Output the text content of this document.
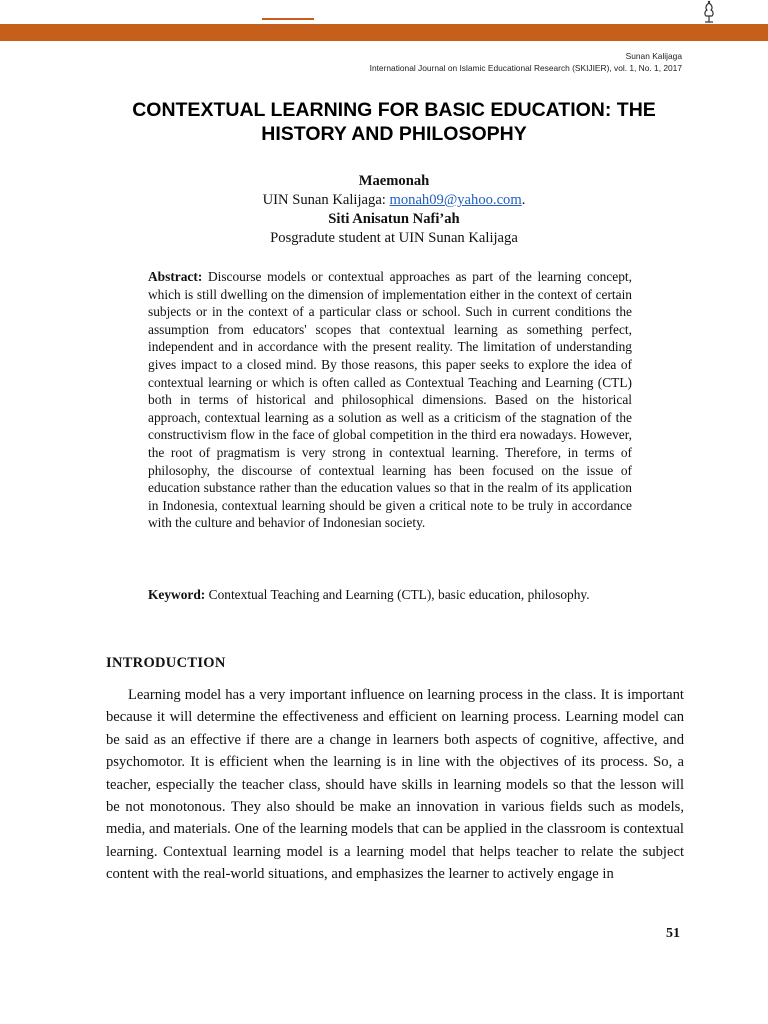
Sunan Kalijaga
International Journal on Islamic Educational Research (SKIJIER), vol. 1, No. 1, 2017
CONTEXTUAL LEARNING FOR BASIC EDUCATION: THE HISTORY AND PHILOSOPHY
Maemonah
UIN Sunan Kalijaga: monah09@yahoo.com.
Siti Anisatun Nafi’ah
Posgradute student at UIN Sunan Kalijaga

Abstract: Discourse models or contextual approaches as part of the learning concept, which is still dwelling on the dimension of implementation either in the context of certain subjects or in the context of a particular class or school. Such in current conditions the assumption from educators' scopes that contextual learning as something perfect, independent and in accordance with the present reality. The limitation of understanding gives impact to a closed mind. By those reasons, this paper seeks to explore the idea of contextual learning or which is often called as Contextual Teaching and Learning (CTL) both in terms of historical and philosophical dimensions. Based on the historical approach, contextual learning as a solution as well as a criticism of the stagnation of the constructivism flow in the face of global competition in the third era nowadays. However, the root of pragmatism is very strong in contextual learning. Therefore, in terms of philosophy, the discourse of contextual learning has been focused on the issue of education substance rather than the education values so that in the realm of its application in Indonesia, contextual learning should be given a critical note to be truly in accordance with the culture and behavior of Indonesian society.

Keyword: Contextual Teaching and Learning (CTL), basic education, philosophy.

INTRODUCTION

Learning model has a very important influence on learning process in the class. It is important because it will determine the effectiveness and efficient on learning process. Learning model can be said as an effective if there are a change in learners both aspects of cognitive, affective, and psychomotor. It is efficient when the learning is in line with the objectives of its process. So, a teacher, especially the teacher class, should have skills in learning models so that the lesson will be not monotonous. They also should be make an innovation in various fields such as models, media, and materials. One of the learning models that can be applied in the classroom is contextual learning. Contextual learning model is a learning model that helps teacher to relate the subject content with the real-world situations, and emphasizes the learner to actively engage in

51
